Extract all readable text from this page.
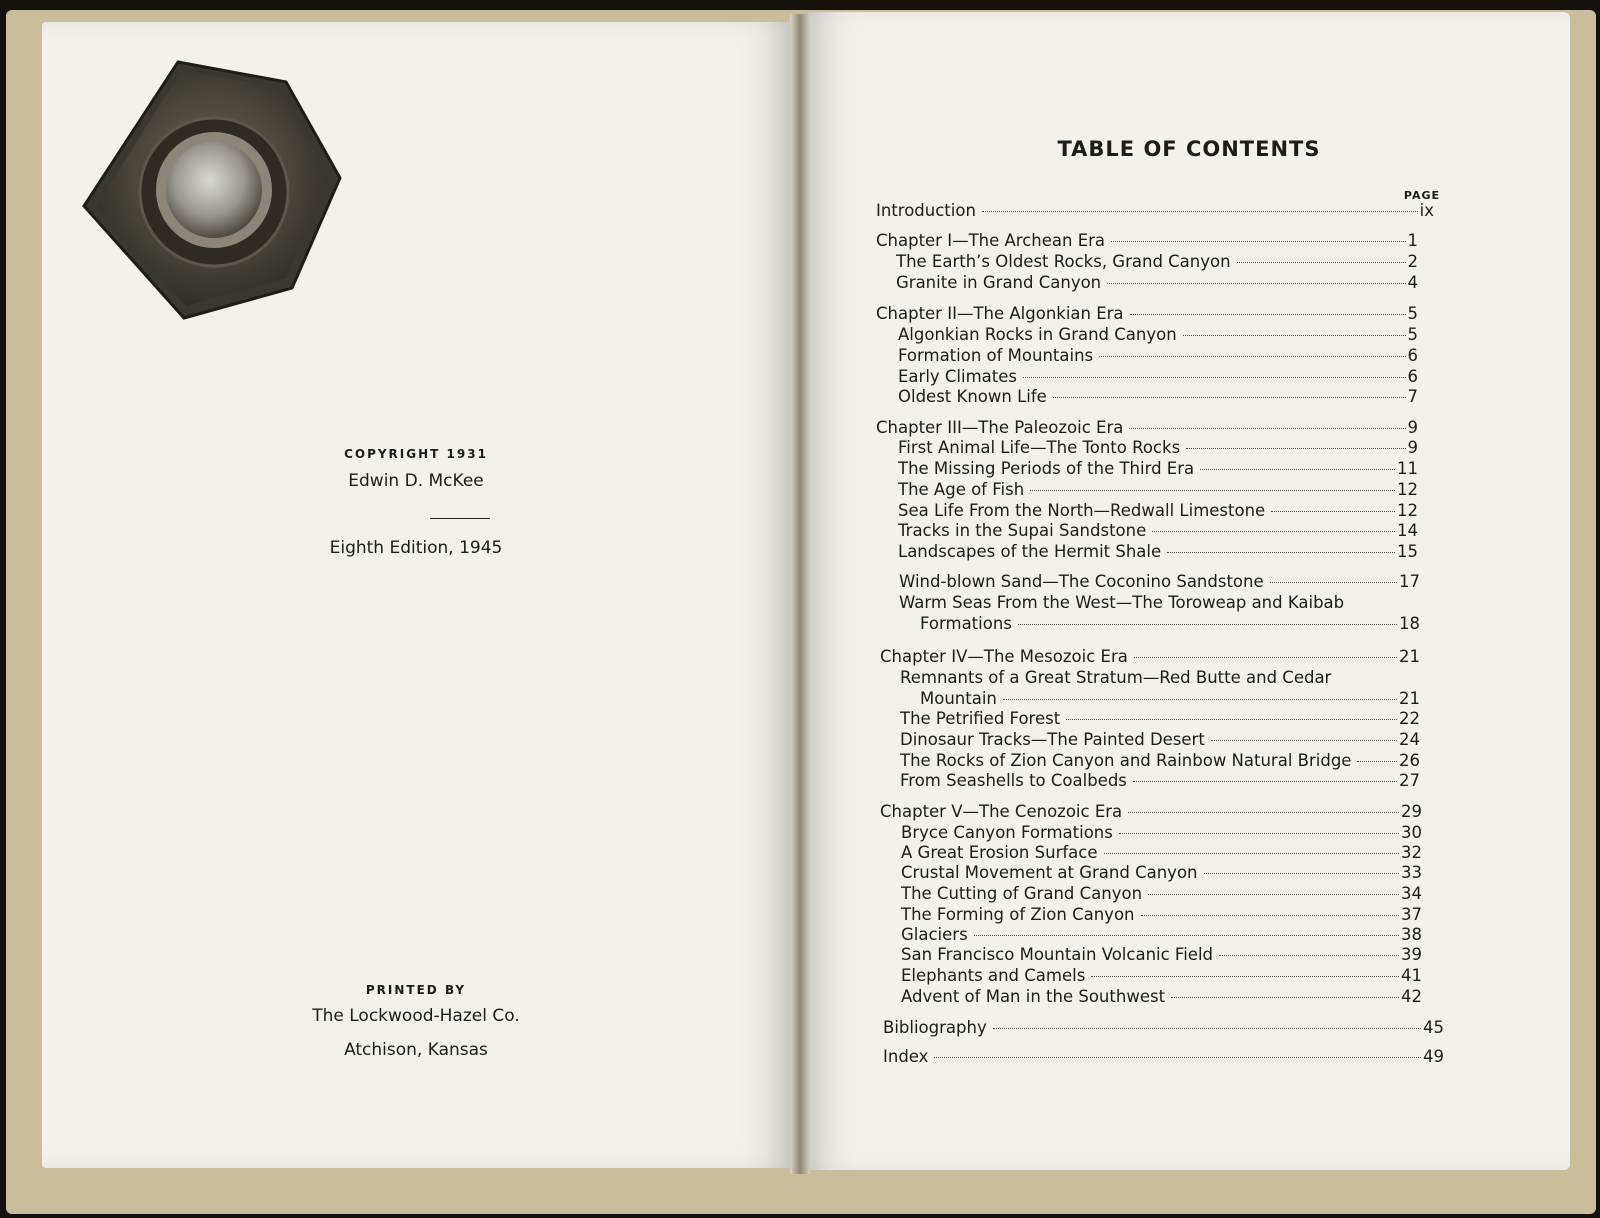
COPYRIGHT 1931
Edwin D. McKee
Eighth Edition, 1945
PRINTED BY
The Lockwood-Hazel Co.
Atchison, Kansas
TABLE OF CONTENTS
PAGE
Introduction	ix
Chapter I—The Archean Era	1
The Earth’s Oldest Rocks, Grand Canyon	2
Granite in Grand Canyon	4
Chapter II—The Algonkian Era	5
Algonkian Rocks in Grand Canyon	5
Formation of Mountains	6
Early Climates	6
Oldest Known Life	7
Chapter III—The Paleozoic Era	9
First Animal Life—The Tonto Rocks	9
The Missing Periods of the Third Era	11
The Age of Fish	12
Sea Life From the North—Redwall Limestone	12
Tracks in the Supai Sandstone	14
Landscapes of the Hermit Shale	15
Wind-blown Sand—The Coconino Sandstone	17
Warm Seas From the West—The Toroweap and Kaibab
Formations	18
Chapter IV—The Mesozoic Era	21
Remnants of a Great Stratum—Red Butte and Cedar
Mountain	21
The Petrified Forest	22
Dinosaur Tracks—The Painted Desert	24
The Rocks of Zion Canyon and Rainbow Natural Bridge	26
From Seashells to Coalbeds	27
Chapter V—The Cenozoic Era	29
Bryce Canyon Formations	30
A Great Erosion Surface	32
Crustal Movement at Grand Canyon	33
The Cutting of Grand Canyon	34
The Forming of Zion Canyon	37
Glaciers	38
San Francisco Mountain Volcanic Field	39
Elephants and Camels	41
Advent of Man in the Southwest	42
Bibliography	45
Index	49
